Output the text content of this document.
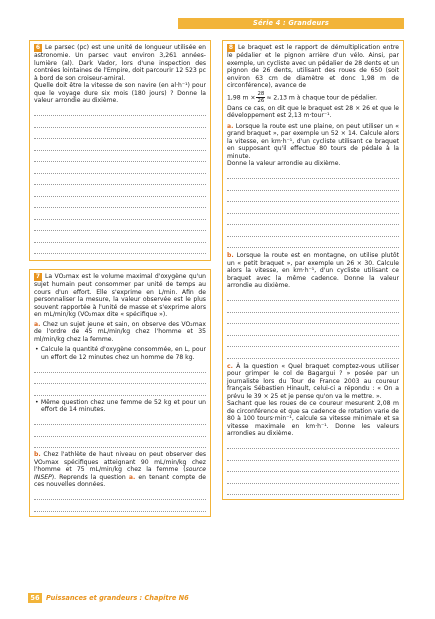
Série 4 : Grandeurs

6 Le parsec (pc) est une unité de longueur utilisée en astronomie. Un parsec vaut environ 3,261 années-lumière (al). Dark Vador, lors d'une inspection des contrées lointaines de l'Empire, doit parcourir 12 523 pc à bord de son croiseur-amiral.

Quelle doit être la vitesse de son navire (en al·h⁻¹) pour que le voyage dure six mois (180 jours) ? Donne la valeur arrondie au dixième.

7 La VO₂max est le volume maximal d'oxygène qu'un sujet humain peut consommer par unité de temps au cours d'un effort. Elle s'exprime en L/min. Afin de personnaliser la mesure, la valeur observée est le plus souvent rapportée à l'unité de masse et s'exprime alors en mL/min/kg (VO₂max dite « spécifique »).

a. Chez un sujet jeune et sain, on observe des VO₂max de l'ordre de 45 mL/min/kg chez l'homme et 35 ml/min/kg chez la femme.

• Calcule la quantité d'oxygène consommée, en L, pour un effort de 12 minutes chez un homme de 78 kg.

• Même question chez une femme de 52 kg et pour un effort de 14 minutes.

b. Chez l'athlète de haut niveau on peut observer des VO₂max spécifiques atteignant 90 mL/min/kg chez l'homme et 75 mL/min/kg chez la femme (source INSEP). Reprends la question a. en tenant compte de ces nouvelles données.

8 Le braquet est le rapport de démultiplication entre le pédalier et le pignon arrière d'un vélo. Ainsi, par exemple, un cycliste avec un pédalier de 28 dents et un pignon de 26 dents, utilisant des roues de 650 (soit environ 63 cm de diamètre et donc 1,98 m de circonférence), avance de

1,98 $m \times \frac{28}{26} \approx 2,13$ m à chaque tour de pédalier.

Dans ce cas, on dit que le braquet est 28 × 26 et que le développement est 2,13 m·tour⁻¹.

a. Lorsque la route est une plaine, on peut utiliser un « grand braquet », par exemple un 52 × 14. Calcule alors la vitesse, en km·h⁻¹, d'un cycliste utilisant ce braquet en supposant qu'il effectue 80 tours de pédale à la minute.

Donne la valeur arrondie au dixième.

b. Lorsque la route est en montagne, on utilise plutôt un « petit braquet », par exemple un 26 × 30. Calcule alors la vitesse, en km·h⁻¹, d'un cycliste utilisant ce braquet avec la même cadence. Donne la valeur arrondie au dixième.

c. À la question « Quel braquet comptez-vous utiliser pour grimper le col de Bagargui ? » posée par un journaliste lors du Tour de France 2003 au coureur français Sébastien Hinault, celui-ci a répondu : « On a prévu le 39 × 25 et je pense qu'on va le mettre. ».

Sachant que les roues de ce coureur mesurent 2,08 m de circonférence et que sa cadence de rotation varie de 80 à 100 tours·min⁻¹, calcule sa vitesse minimale et sa vitesse maximale en km·h⁻¹. Donne les valeurs arrondies au dixième.

56 Puissances et grandeurs : Chapitre N6
